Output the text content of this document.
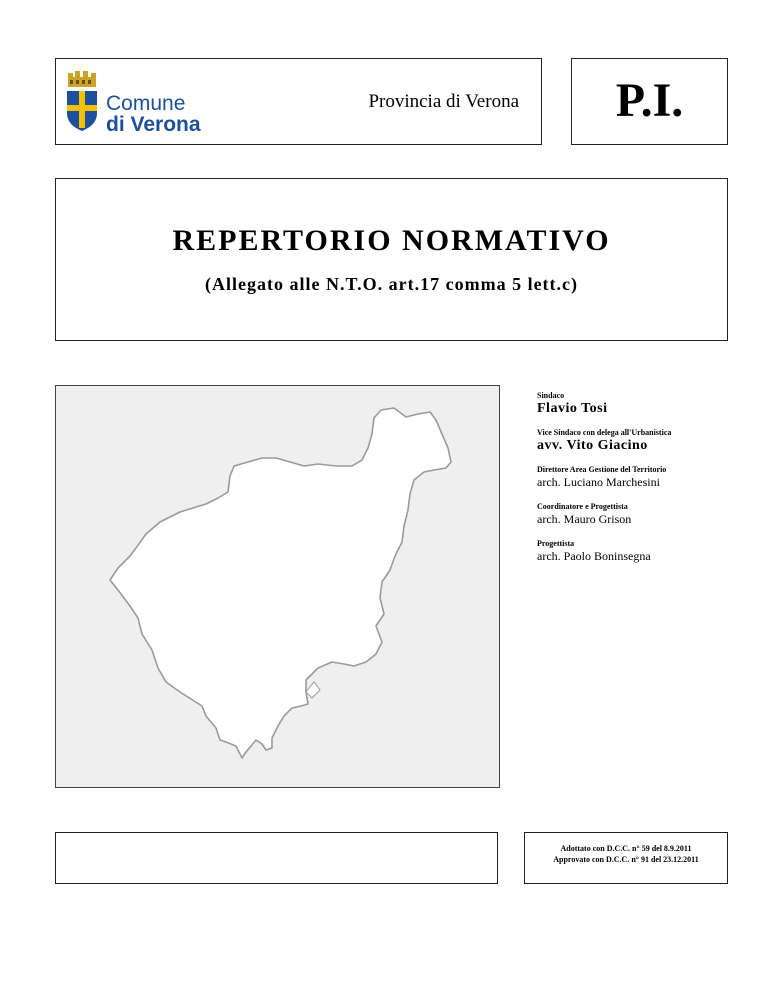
Comune
di Verona
Provincia di Verona	P.I.
REPERTORIO NORMATIVO
(Allegato alle N.T.O. art.17 comma 5 lett.c)

Sindaco

Flavio Tosi

Vice Sindaco con delega all'Urbanistica

avv. Vito Giacino

Direttore Area Gestione del Territorio

arch. Luciano Marchesini

Coordinatore e Progettista

arch. Mauro Grison

Progettista

arch. Paolo Boninsegna

Adottato con D.C.C. n° 59 del 8.9.2011
Approvato con D.C.C. n° 91 del 23.12.2011
